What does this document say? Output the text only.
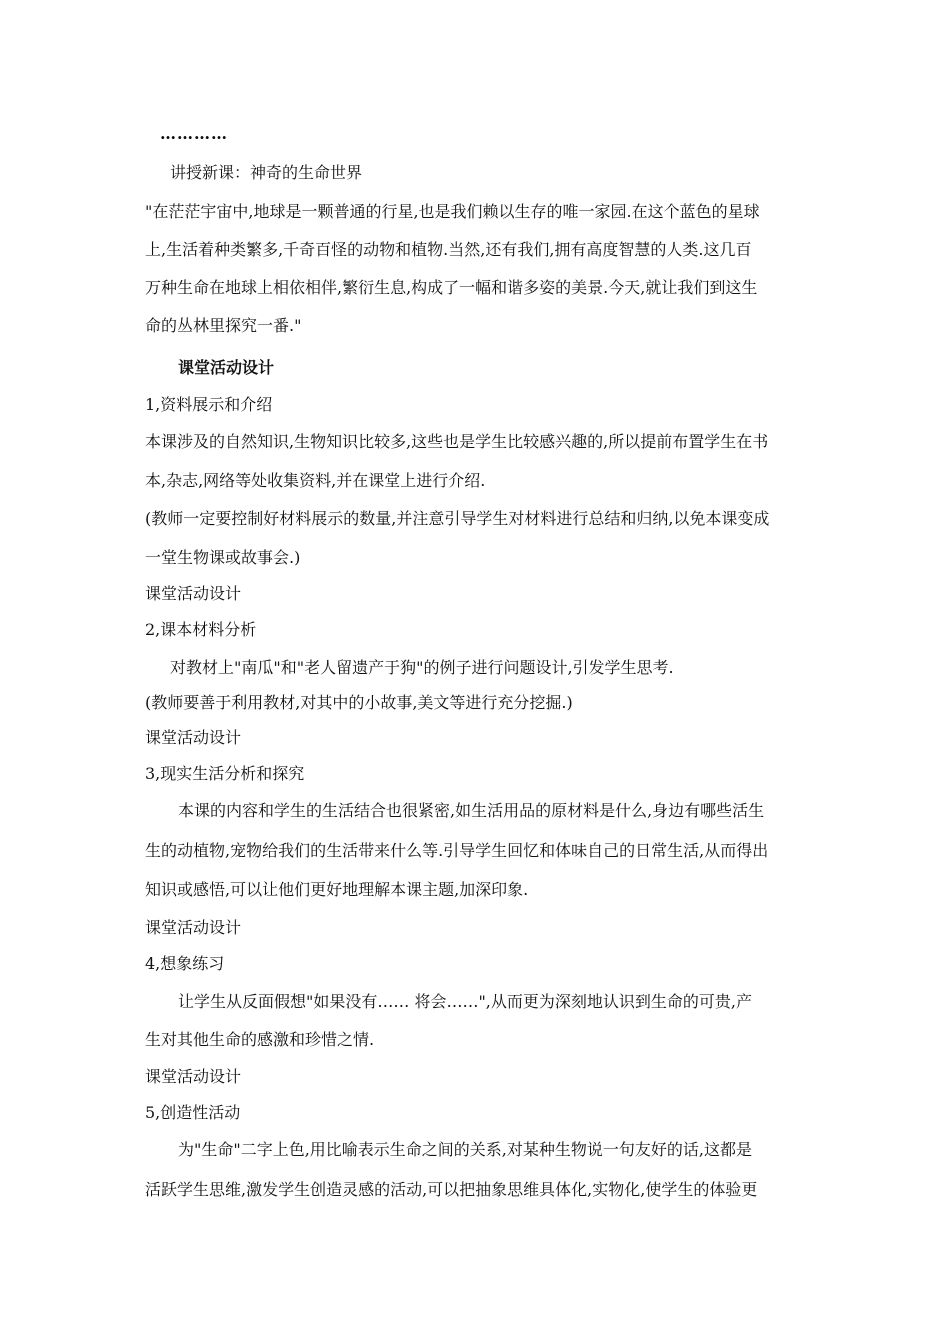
…………
讲授新课：神奇的生命世界
"在茫茫宇宙中,地球是一颗普通的行星,也是我们赖以生存的唯一家园.在这个蓝色的星球
上,生活着种类繁多,千奇百怪的动物和植物.当然,还有我们,拥有高度智慧的人类.这几百
万种生命在地球上相依相伴,繁衍生息,构成了一幅和谐多姿的美景.今天,就让我们到这生
命的丛林里探究一番."
课堂活动设计
1,资料展示和介绍
本课涉及的自然知识,生物知识比较多,这些也是学生比较感兴趣的,所以提前布置学生在书
本,杂志,网络等处收集资料,并在课堂上进行介绍.
(教师一定要控制好材料展示的数量,并注意引导学生对材料进行总结和归纳,以免本课变成
一堂生物课或故事会.)
课堂活动设计
2,课本材料分析
对教材上"南瓜"和"老人留遗产于狗"的例子进行问题设计,引发学生思考.
(教师要善于利用教材,对其中的小故事,美文等进行充分挖掘.)
课堂活动设计
3,现实生活分析和探究
本课的内容和学生的生活结合也很紧密,如生活用品的原材料是什么,身边有哪些活生
生的动植物,宠物给我们的生活带来什么等.引导学生回忆和体味自己的日常生活,从而得出
知识或感悟,可以让他们更好地理解本课主题,加深印象.
课堂活动设计
4,想象练习
让学生从反面假想"如果没有…… 将会……",从而更为深刻地认识到生命的可贵,产
生对其他生命的感激和珍惜之情.
课堂活动设计
5,创造性活动
为"生命"二字上色,用比喻表示生命之间的关系,对某种生物说一句友好的话,这都是
活跃学生思维,激发学生创造灵感的活动,可以把抽象思维具体化,实物化,使学生的体验更
